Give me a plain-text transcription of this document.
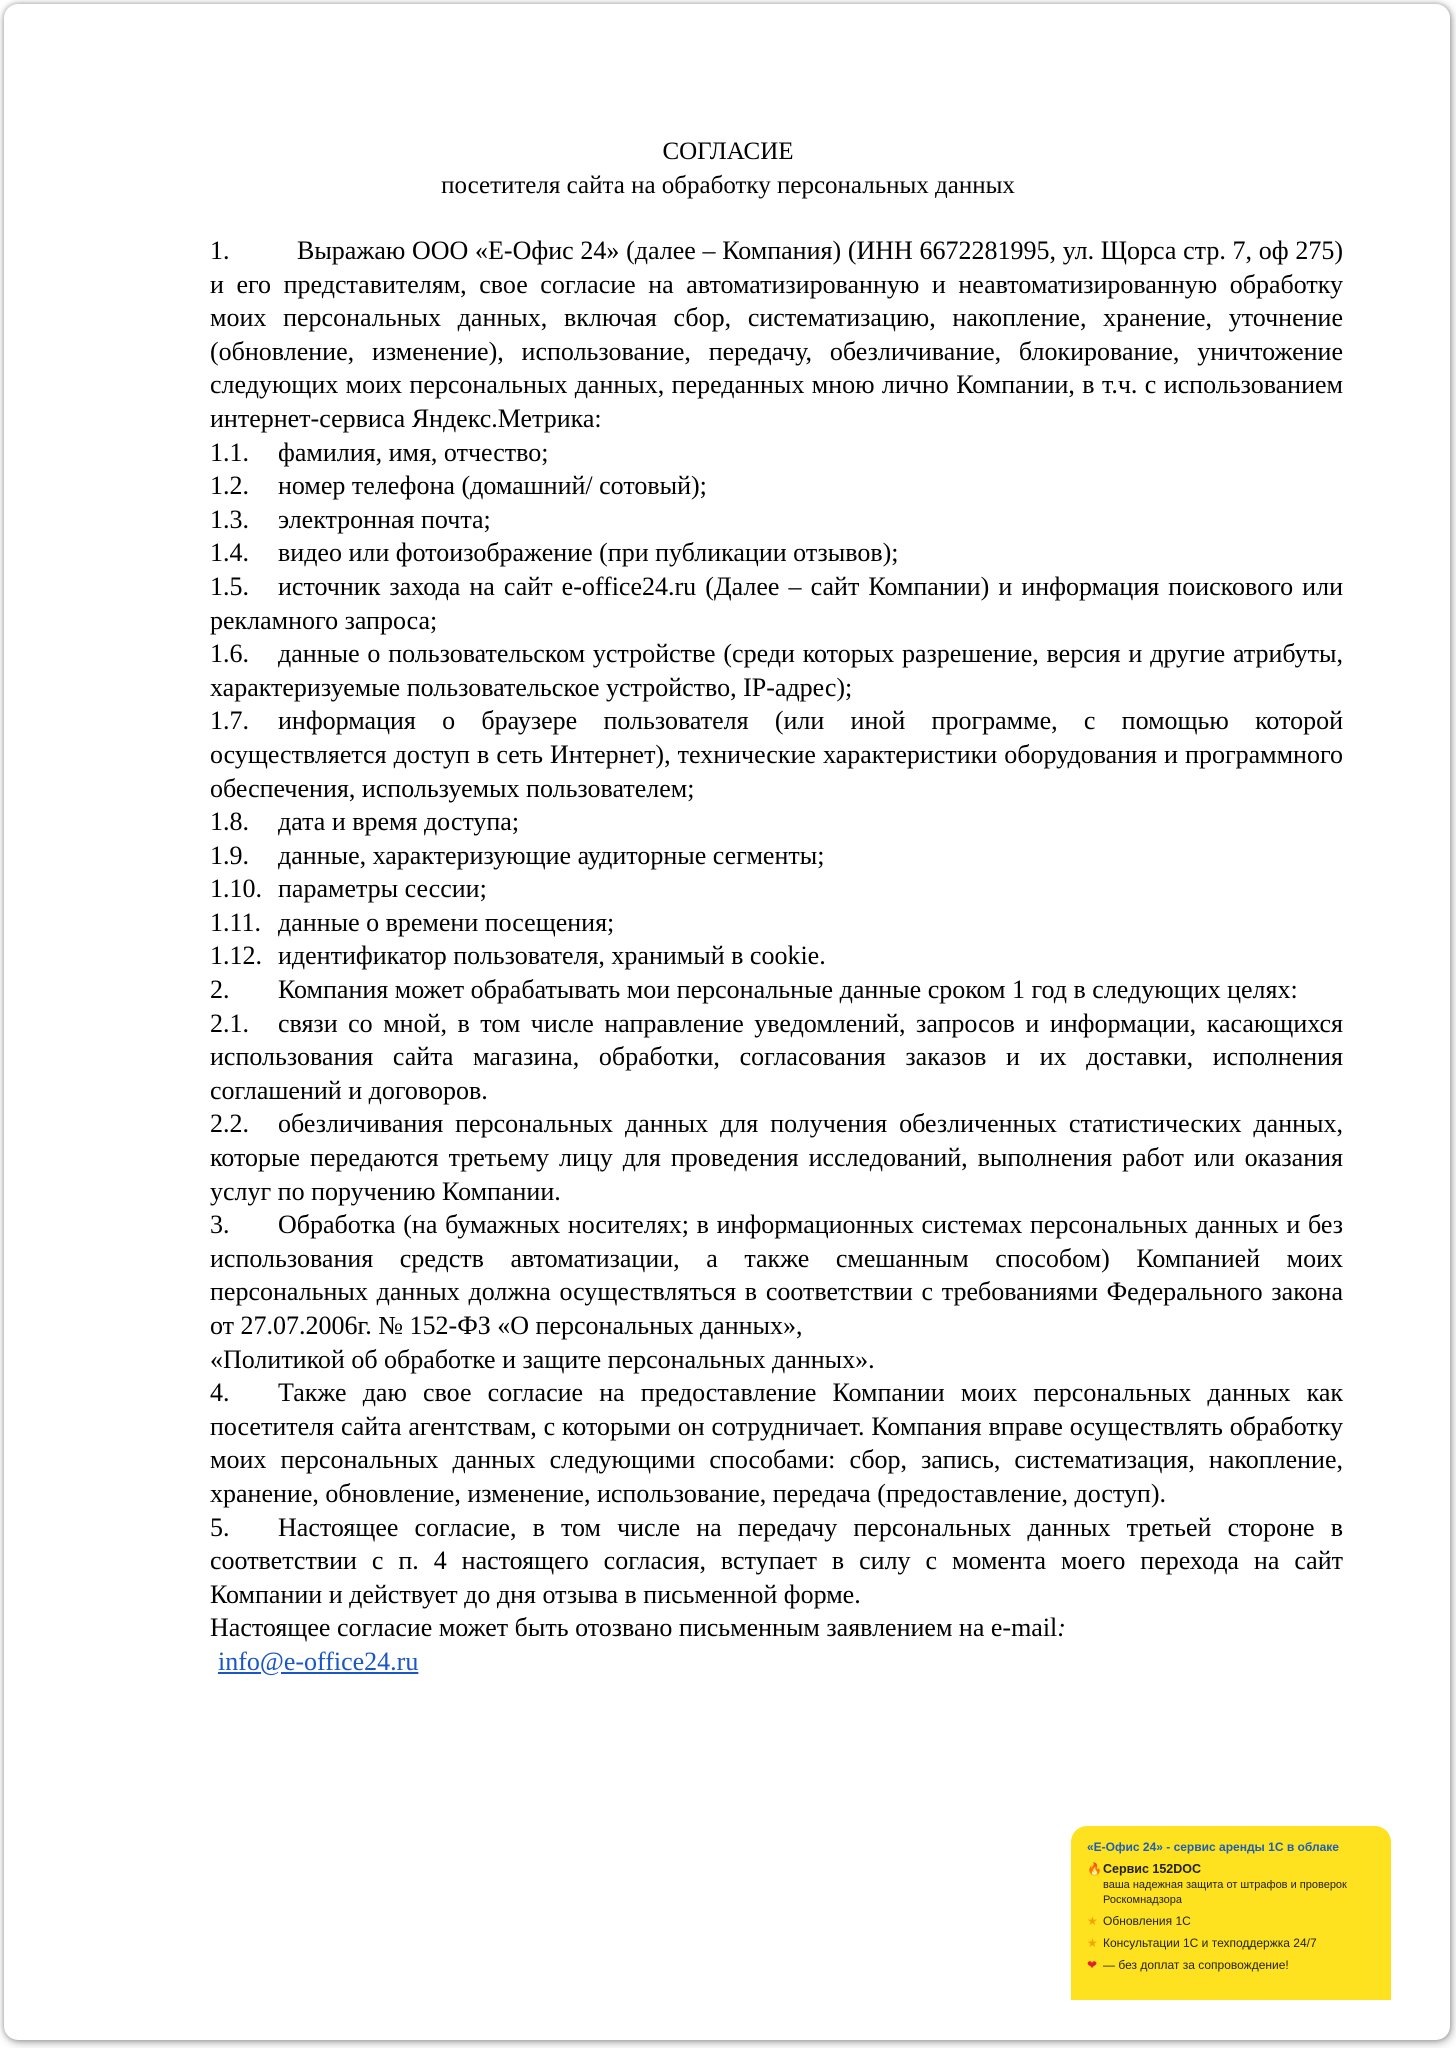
СОГЛАСИЕ
посетителя сайта на обработку персональных данных

1.	Выражаю ООО «Е-Офис 24» (далее – Компания) (ИНН 6672281995, ул. Щорса стр. 7, оф 275) и его представителям, свое согласие на автоматизированную и неавтоматизированную обработку моих персональных данных, включая сбор, систематизацию, накопление, хранение, уточнение (обновление, изменение), использование, передачу, обезличивание, блокирование, уничтожение следующих моих персональных данных, переданных мною лично Компании, в т.ч. с использованием интернет-сервиса Яндекс.Метрика:

1.1. фамилия, имя, отчество;

1.2. номер телефона (домашний/ сотовый);

1.3. электронная почта;

1.4. видео или фотоизображение (при публикации отзывов);

1.5. источник захода на сайт e-office24.ru (Далее – сайт Компании) и информация поискового или рекламного запроса;

1.6. данные о пользовательском устройстве (среди которых разрешение, версия и другие атрибуты, характеризуемые пользовательское устройство, IP-адрес);

1.7. информация о браузере пользователя (или иной программе, с помощью которой осуществляется доступ в сеть Интернет), технические характеристики оборудования и программного обеспечения, используемых пользователем;

1.8. дата и время доступа;

1.9. данные, характеризующие аудиторные сегменты;

1.10. параметры сессии;

1.11. данные о времени посещения;

1.12. идентификатор пользователя, хранимый в cookie.

2. Компания может обрабатывать мои персональные данные сроком 1 год в следующих целях:

2.1. связи со мной, в том числе направление уведомлений, запросов и информации, касающихся использования сайта магазина, обработки, согласования заказов и их доставки, исполнения соглашений и договоров.

2.2. обезличивания персональных данных для получения обезличенных статистических данных, которые передаются третьему лицу для проведения исследований, выполнения работ или оказания услуг по поручению Компании.

3. Обработка (на бумажных носителях; в информационных системах персональных данных и без использования средств автоматизации, а также смешанным способом) Компанией моих персональных данных должна осуществляться в соответствии с требованиями Федерального закона от 27.07.2006г. № 152-ФЗ «О персональных данных»,

«Политикой об обработке и защите персональных данных».

4. Также даю свое согласие на предоставление Компании моих персональных данных как посетителя сайта агентствам, с которыми он сотрудничает. Компания вправе осуществлять обработку моих персональных данных следующими способами: сбор, запись, систематизация, накопление, хранение, обновление, изменение, использование, передача (предоставление, доступ).

5. Настоящее согласие, в том числе на передачу персональных данных третьей стороне в соответствии с п. 4 настоящего согласия, вступает в силу с момента моего перехода на сайт Компании и действует до дня отзыва в письменной форме.

Настоящее согласие может быть отозвано письменным заявлением на e-mail:

info@e-office24.ru

«Е-Офис 24» - сервис аренды 1С в облаке
🔥 Сервис 152DOC
ваша надежная защита от штрафов и проверок Роскомнадзора
★ Обновления 1С
★ Консультации 1С и техподдержка 24/7
❤ — без доплат за сопровождение!
